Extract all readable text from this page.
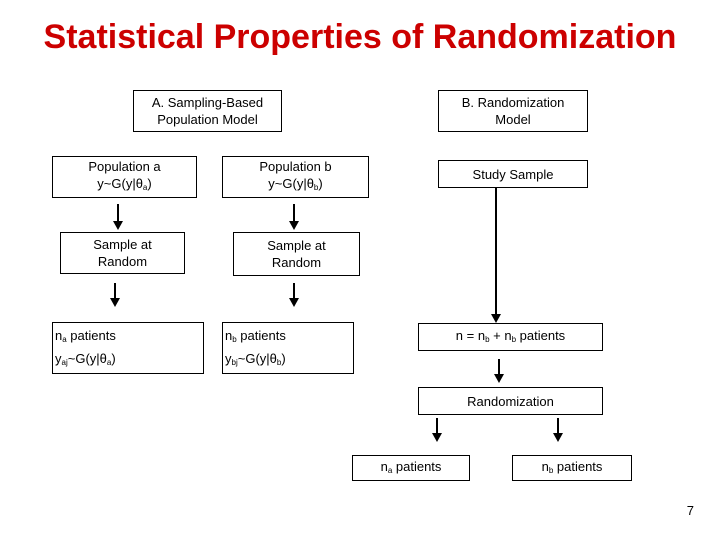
Statistical Properties of Randomization
A. Sampling-Based
Population Model
B. Randomization
Model
Population a
$y\sim G(y|\theta_a)$
Population b
$y\sim G(y|\theta_b)$
Study Sample
Sample at
Random
Sample at
Random
$n_a$ patients
$y_{aj}\sim G(y|\theta_a)$
$n_b$ patients
$y_{bj}\sim G(y|\theta_b)$
$n = n_b + n_b$ patients
Randomization
$n_a$ patients	$n_b$ patients
7
